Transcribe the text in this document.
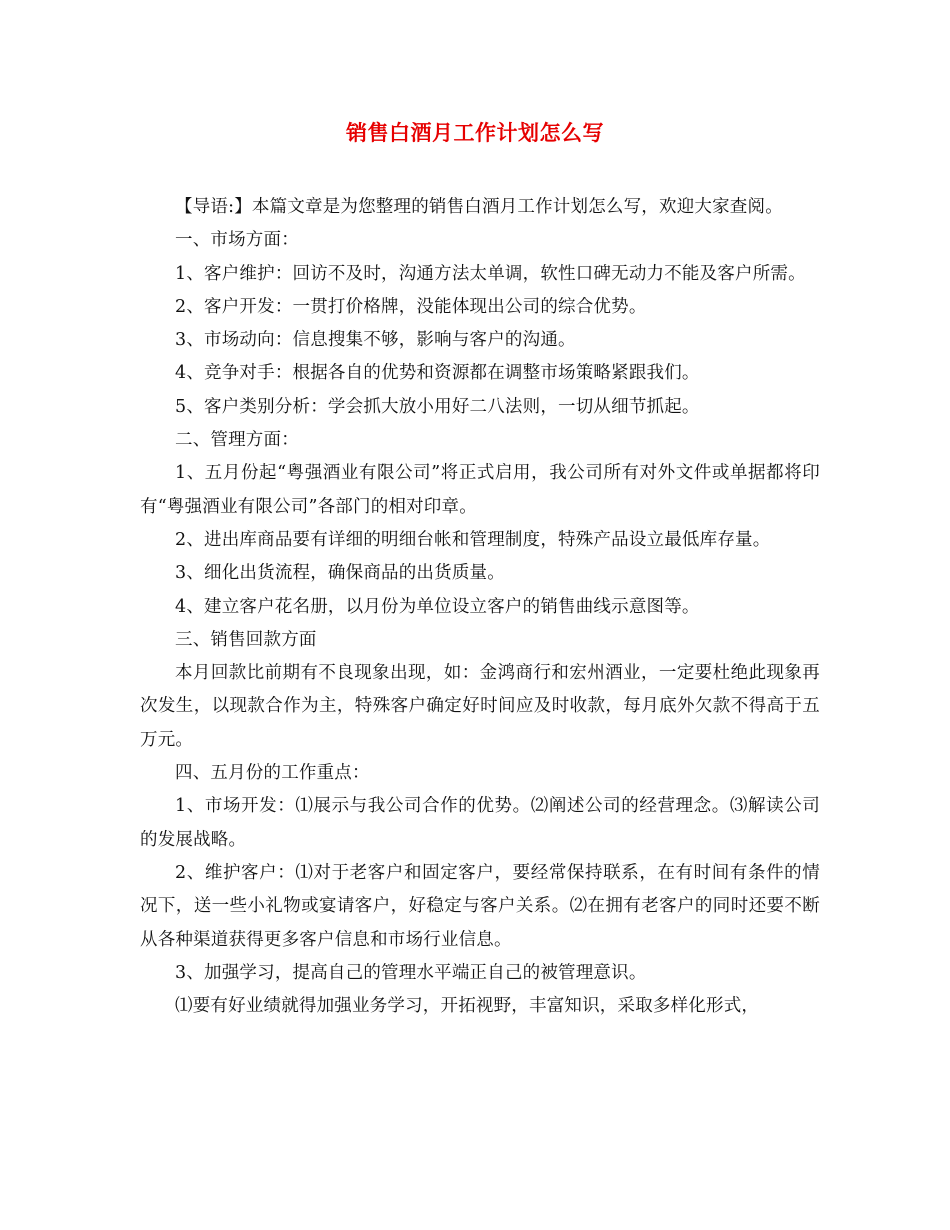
销售白酒月工作计划怎么写

【导语:】本篇文章是为您整理的销售白酒月工作计划怎么写，欢迎大家查阅。

一、市场方面：

1、客户维护：回访不及时，沟通方法太单调，软性口碑无动力不能及客户所需。

2、客户开发：一贯打价格牌，没能体现出公司的综合优势。

3、市场动向：信息搜集不够，影响与客户的沟通。

4、竞争对手：根据各自的优势和资源都在调整市场策略紧跟我们。

5、客户类别分析：学会抓大放小用好二八法则，一切从细节抓起。

二、管理方面：

1、五月份起“粤强酒业有限公司”将正式启用，我公司所有对外文件或单据都将印有“粤强酒业有限公司”各部门的相对印章。

2、进出库商品要有详细的明细台帐和管理制度，特殊产品设立最低库存量。

3、细化出货流程，确保商品的出货质量。

4、建立客户花名册，以月份为单位设立客户的销售曲线示意图等。

三、销售回款方面

本月回款比前期有不良现象出现，如：金鸿商行和宏州酒业，一定要杜绝此现象再次发生，以现款合作为主，特殊客户确定好时间应及时收款，每月底外欠款不得高于五万元。

四、五月份的工作重点：

1、市场开发：⑴展示与我公司合作的优势。⑵阐述公司的经营理念。⑶解读公司的发展战略。

2、维护客户：⑴对于老客户和固定客户，要经常保持联系，在有时间有条件的情况下，送一些小礼物或宴请客户，好稳定与客户关系。⑵在拥有老客户的同时还要不断从各种渠道获得更多客户信息和市场行业信息。

3、加强学习，提高自己的管理水平端正自己的被管理意识。

⑴要有好业绩就得加强业务学习，开拓视野，丰富知识，采取多样化形式，
